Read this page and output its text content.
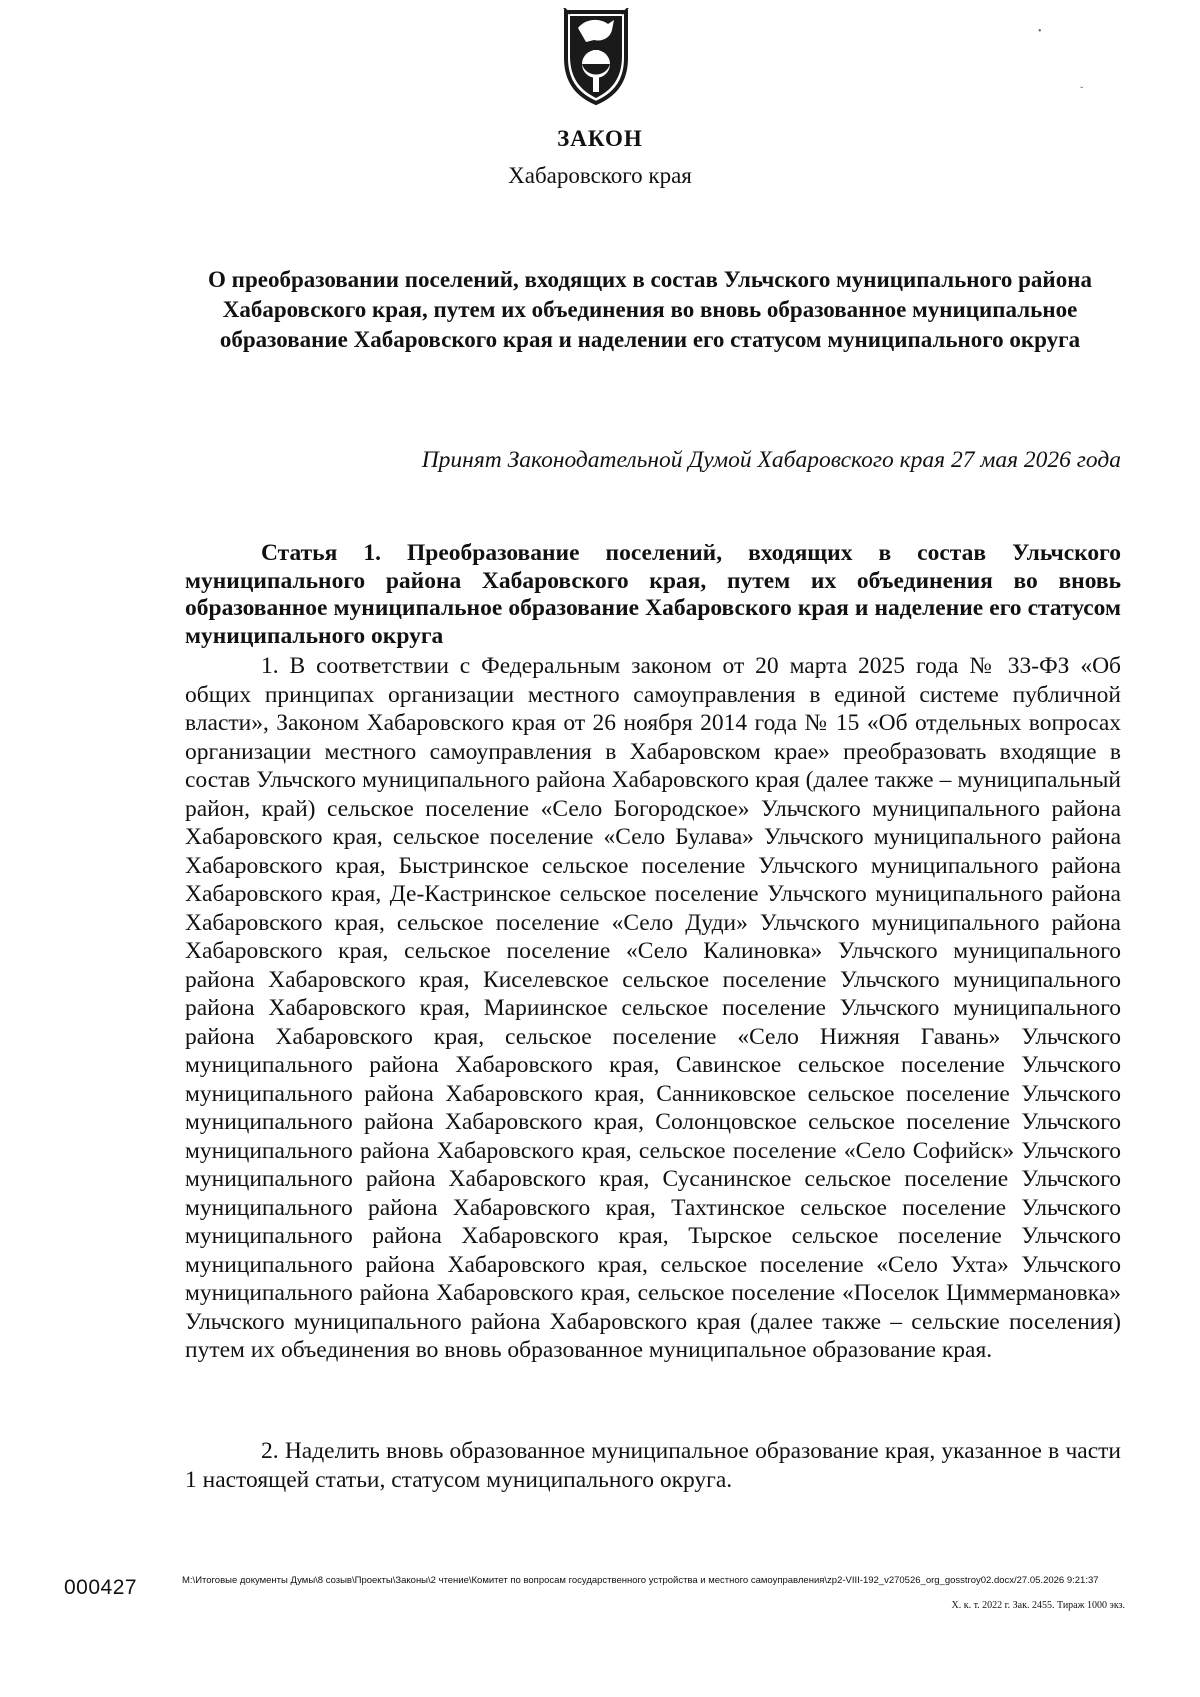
ЗАКОН
Хабаровского края
О преобразовании поселений, входящих в состав Ульчского муниципального района Хабаровского края, путем их объединения во вновь образованное муниципальное образование Хабаровского края и наделении его статусом муниципального округа
Принят Законодательной Думой Хабаровского края 27 мая 2026 года
Статья 1. Преобразование поселений, входящих в состав Ульчского муниципального района Хабаровского края, путем их объединения во вновь образованное муниципальное образование Хабаровского края и наделение его статусом муниципального округа
1. В соответствии с Федеральным законом от 20 марта 2025 года № 33-ФЗ «Об общих принципах организации местного самоуправления в единой системе публичной власти», Законом Хабаровского края от 26 ноября 2014 года № 15 «Об отдельных вопросах организации местного самоуправления в Хабаровском крае» преобразовать входящие в состав Ульчского муниципального района Хабаровского края (далее также – муниципальный район, край) сельское поселение «Село Богородское» Ульчского муниципального района Хабаровского края, сельское поселение «Село Булава» Ульчского муниципального района Хабаровского края, Быстринское сельское поселение Ульчского муниципального района Хабаровского края, Де-Кастринское сельское поселение Ульчского муниципального района Хабаровского края, сельское поселение «Село Дуди» Ульчского муниципального района Хабаровского края, сельское поселение «Село Калиновка» Ульчского муниципального района Хабаровского края, Киселевское сельское поселение Ульчского муниципального района Хабаровского края, Мариинское сельское поселение Ульчского муниципального района Хабаровского края, сельское поселение «Село Нижняя Гавань» Ульчского муниципального района Хабаровского края, Савинское сельское поселение Ульчского муниципального района Хабаровского края, Санниковское сельское поселение Ульчского муниципального района Хабаровского края, Солонцовское сельское поселение Ульчского муниципального района Хабаровского края, сельское поселение «Село Софийск» Ульчского муниципального района Хабаровского края, Сусанинское сельское поселение Ульчского муниципального района Хабаровского края, Тахтинское сельское поселение Ульчского муниципального района Хабаровского края, Тырское сельское поселение Ульчского муниципального района Хабаровского края, сельское поселение «Село Ухта» Ульчского муниципального района Хабаровского края, сельское поселение «Поселок Циммермановка» Ульчского муниципального района Хабаровского края (далее также – сельские поселения) путем их объединения во вновь образованное муниципальное образование края.
2. Наделить вновь образованное муниципальное образование края, указанное в части 1 настоящей статьи, статусом муниципального округа.
000427	М:\Итоговые документы Думы\8 созыв\Проекты\Законы\2 чтение\Комитет по вопросам государственного устройства и местного самоуправления\zp2-VIII-192_v270526_org_gosstroy02.docx/27.05.2026 9:21:37
Х. к. т. 2022 г. Зак. 2455. Тираж 1000 экз.
•
ˇ
